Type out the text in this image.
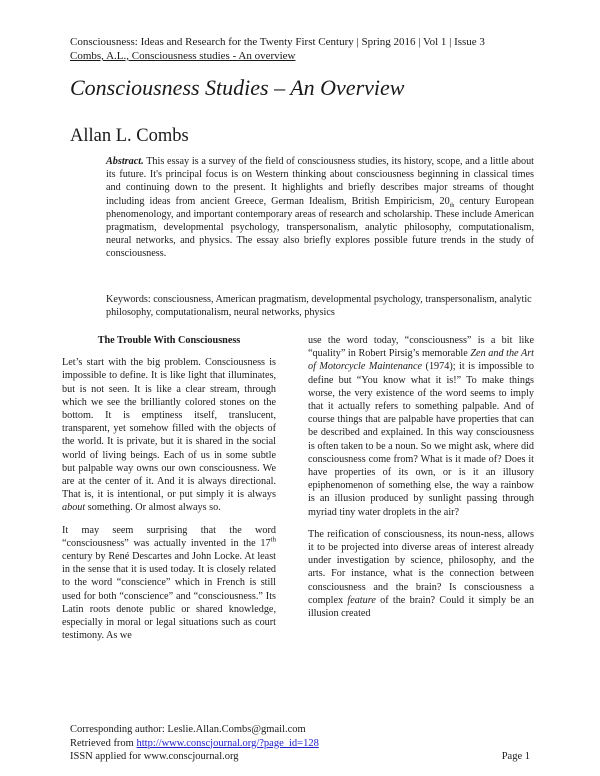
Consciousness: Ideas and Research for the Twenty First Century | Spring 2016 | Vol 1 | Issue 3
Combs, A.L., Consciousness studies - An overview
Consciousness Studies – An Overview
Allan L. Combs
Abstract. This essay is a survey of the field of consciousness studies, its history, scope, and a little about its future. It's principal focus is on Western thinking about consciousness beginning in classical times and continuing down to the present. It highlights and briefly describes major streams of thought including ideas from ancient Greece, German Idealism, British Empiricism, $20_{th}$ century European phenomenology, and important contemporary areas of research and scholarship. These include American pragmatism, developmental psychology, transpersonalism, analytic philosophy, computationalism, neural networks, and physics. The essay also briefly explores possible future trends in the study of consciousness.
Keywords: consciousness, American pragmatism, developmental psychology, transpersonalism, analytic philosophy, computationalism, neural networks, physics
The Trouble With Consciousness

Let’s start with the big problem. Consciousness is impossible to define. It is like light that illuminates, but is not seen. It is like a clear stream, through which we see the brilliantly colored stones on the bottom. It is emptiness itself, translucent, transparent, yet somehow filled with the objects of the world. It is private, but it is shared in the social world of living beings. Each of us in some subtle but palpable way owns our own consciousness. We are at the center of it. And it is always directional. That is, it is intentional, or put simply it is always about something. Or almost always so.

It may seem surprising that the word “consciousness” was actually invented in the 17th century by René Descartes and John Locke. At least in the sense that it is used today. It is closely related to the word “conscience” which in French is still used for both “conscience” and “consciousness.” Its Latin roots denote public or shared knowledge, especially in moral or legal situations such as court testimony. As we

use the word today, “consciousness” is a bit like “quality” in Robert Pirsig’s memorable Zen and the Art of Motorcycle Maintenance (1974); it is impossible to define but “You know what it is!” To make things worse, the very existence of the word seems to imply that it actually refers to something palpable. And of course things that are palpable have properties that can be described and explained. In this way consciousness is often taken to be a noun. So we might ask, where did consciousness come from? What is it made of? Does it have properties of its own, or is it an illusory epiphenomenon of something else, the way a rainbow is an illusion produced by sunlight passing through myriad tiny water droplets in the air?

The reification of consciousness, its noun-ness, allows it to be projected into diverse areas of interest already under investigation by science, philosophy, and the arts. For instance, what is the connection between consciousness and the brain? Is consciousness a complex feature of the brain? Could it simply be an illusion created

Corresponding author: Leslie.Allan.Combs@gmail.com
Retrieved from http://www.conscjournal.org/?page_id=128
ISSN applied for www.conscjournal.org	Page 1
